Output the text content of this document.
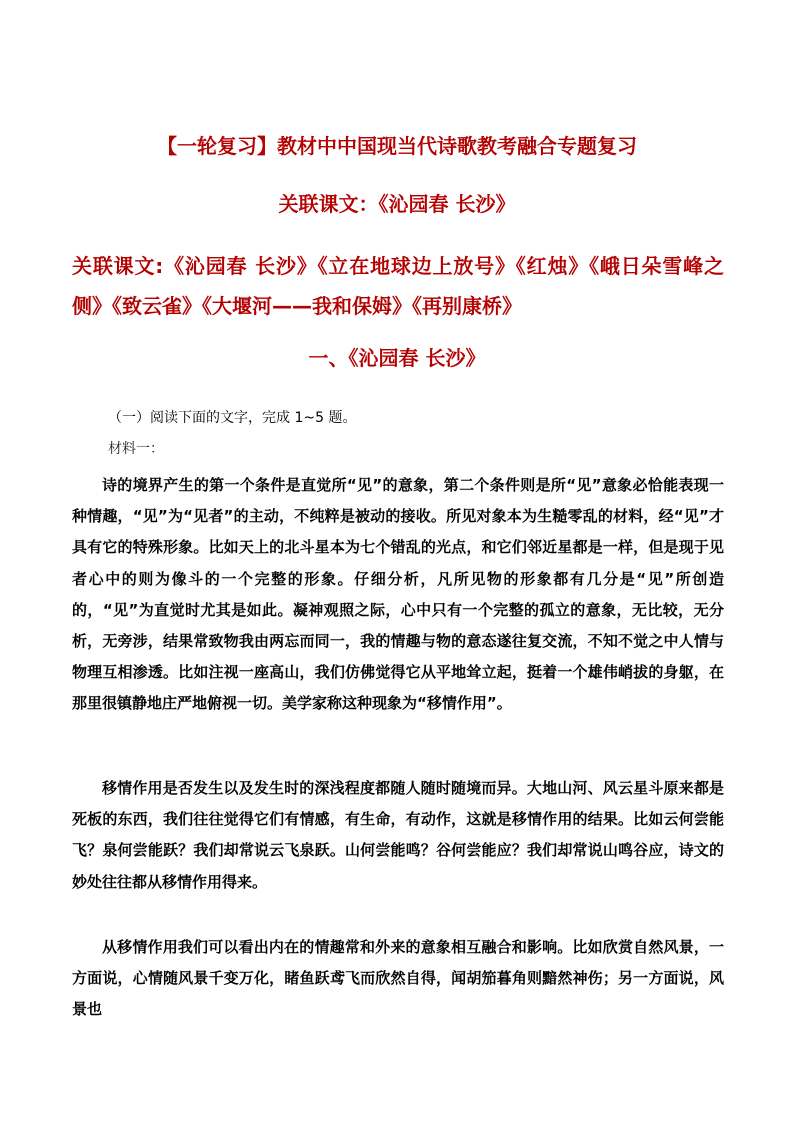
【一轮复习】教材中中国现当代诗歌教考融合专题复习
关联课文：《沁园春 长沙》
关联课文:《沁园春 长沙》《立在地球边上放号》《红烛》《峨日朵雪峰之侧》《致云雀》《大堰河——我和保姆》《再别康桥》
一、《沁园春 长沙》
（一）阅读下面的文字，完成 1~5 题。
材料一：
诗的境界产生的第一个条件是直觉所“见”的意象，第二个条件则是所“见”意象必恰能表现一种情趣，“见”为“见者”的主动，不纯粹是被动的接收。所见对象本为生糙零乱的材料，经“见”才具有它的特殊形象。比如天上的北斗星本为七个错乱的光点，和它们邻近星都是一样，但是现于见者心中的则为像斗的一个完整的形象。仔细分析，凡所见物的形象都有几分是“见”所创造的，“见”为直觉时尤其是如此。凝神观照之际，心中只有一个完整的孤立的意象，无比较，无分析，无旁涉，结果常致物我由两忘而同一，我的情趣与物的意态遂往复交流，不知不觉之中人情与物理互相渗透。比如注视一座高山，我们仿佛觉得它从平地耸立起，挺着一个雄伟峭拔的身躯，在那里很镇静地庄严地俯视一切。美学家称这种现象为“移情作用”。
移情作用是否发生以及发生时的深浅程度都随人随时随境而异。大地山河、风云星斗原来都是死板的东西，我们往往觉得它们有情感，有生命，有动作，这就是移情作用的结果。比如云何尝能飞？泉何尝能跃？我们却常说云飞泉跃。山何尝能鸣？谷何尝能应？我们却常说山鸣谷应，诗文的妙处往往都从移情作用得来。
从移情作用我们可以看出内在的情趣常和外来的意象相互融合和影响。比如欣赏自然风景，一方面说，心情随风景千变万化，睹鱼跃鸢飞而欣然自得，闻胡笳暮角则黯然神伤；另一方面说，风景也
